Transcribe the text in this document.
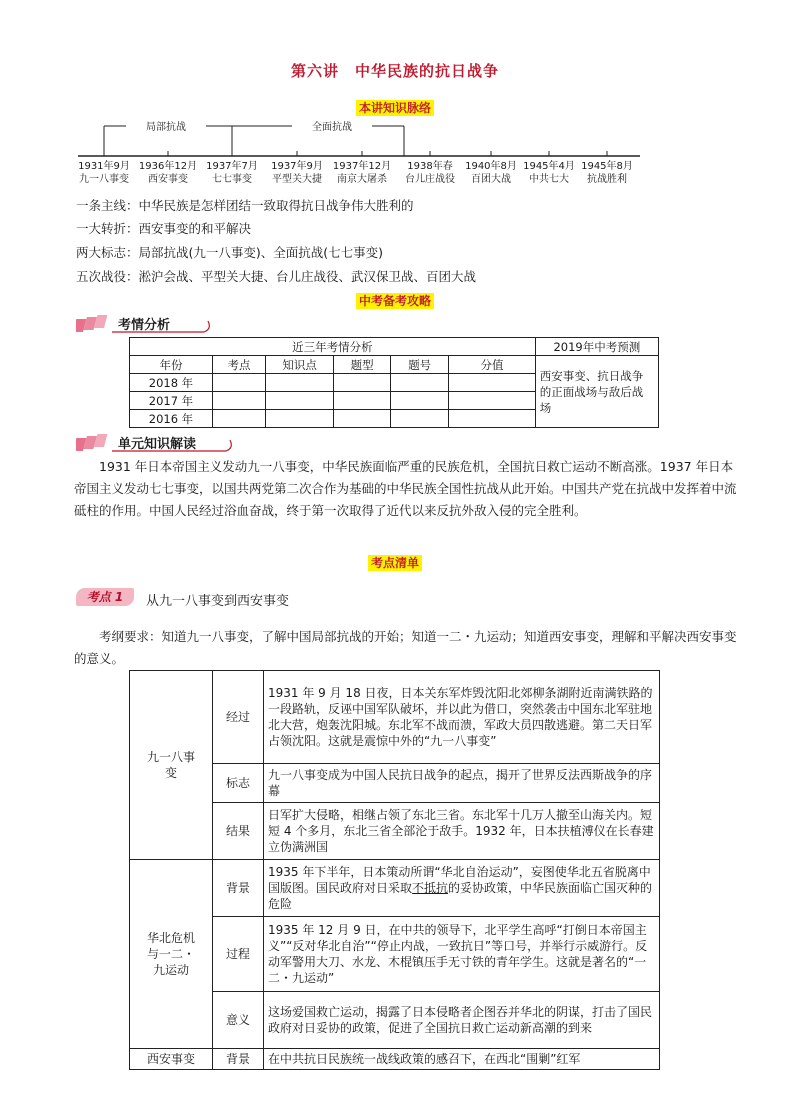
第六讲　中华民族的抗日战争
本讲知识脉络
局部抗战	全面抗战
1931年9月
九一八事变
1936年12月
西安事变
1937年7月
七七事变
1937年9月
平型关大捷
1937年12月
南京大屠杀
1938年春
台儿庄战役
1940年8月
百团大战
1945年4月
中共七大
1945年8月
抗战胜利
一条主线：中华民族是怎样团结一致取得抗日战争伟大胜利的
一大转折：西安事变的和平解决
两大标志：局部抗战(九一八事变)、全面抗战(七七事变)
五次战役：淞沪会战、平型关大捷、台儿庄战役、武汉保卫战、百团大战
中考备考攻略
考情分析
近三年考情分析						2019年中考预测
年份	考点	知识点	题型	题号	分值	西安事变、抗日战争的正面战场与敌后战场
2018 年						
2017 年						
2016 年						
单元知识解读
1931 年日本帝国主义发动九一八事变，中华民族面临严重的民族危机，全国抗日救亡运动不断高涨。1937 年日本帝国主义发动七七事变，以国共两党第二次合作为基础的中华民族全国性抗战从此开始。中国共产党在抗战中发挥着中流砥柱的作用。中国人民经过浴血奋战，终于第一次取得了近代以来反抗外敌入侵的完全胜利。
考点清单
考点 1	从九一八事变到西安事变
考纲要求：知道九一八事变，了解中国局部抗战的开始；知道一二・九运动；知道西安事变，理解和平解决西安事变的意义。
九一八事变	经过	1931 年 9 月 18 日夜，日本关东军炸毁沈阳北郊柳条湖附近南满铁路的一段路轨，反诬中国军队破坏，并以此为借口，突然袭击中国东北军驻地北大营，炮轰沈阳城。东北军不战而溃，军政大员四散逃避。第二天日军占领沈阳。这就是震惊中外的“九一八事变”
	标志	九一八事变成为中国人民抗日战争的起点，揭开了世界反法西斯战争的序幕
	结果	日军扩大侵略，相继占领了东北三省。东北军十几万人撤至山海关内。短短 4 个多月，东北三省全部沦于敌手。1932 年，日本扶植溥仪在长春建立伪满洲国
华北危机与一二・九运动	背景	1935 年下半年，日本策动所谓“华北自治运动”，妄图使华北五省脱离中国版图。国民政府对日采取不抵抗的妥协政策，中华民族面临亡国灭种的危险
	过程	1935 年 12 月 9 日，在中共的领导下，北平学生高呼“打倒日本帝国主义”“反对华北自治”“停止内战，一致抗日”等口号，并举行示威游行。反动军警用大刀、水龙、木棍镇压手无寸铁的青年学生。这就是著名的“一二・九运动”
	意义	这场爱国救亡运动，揭露了日本侵略者企图吞并华北的阴谋，打击了国民政府对日妥协的政策，促进了全国抗日救亡运动新高潮的到来
西安事变	背景	在中共抗日民族统一战线政策的感召下，在西北“围剿”红军
